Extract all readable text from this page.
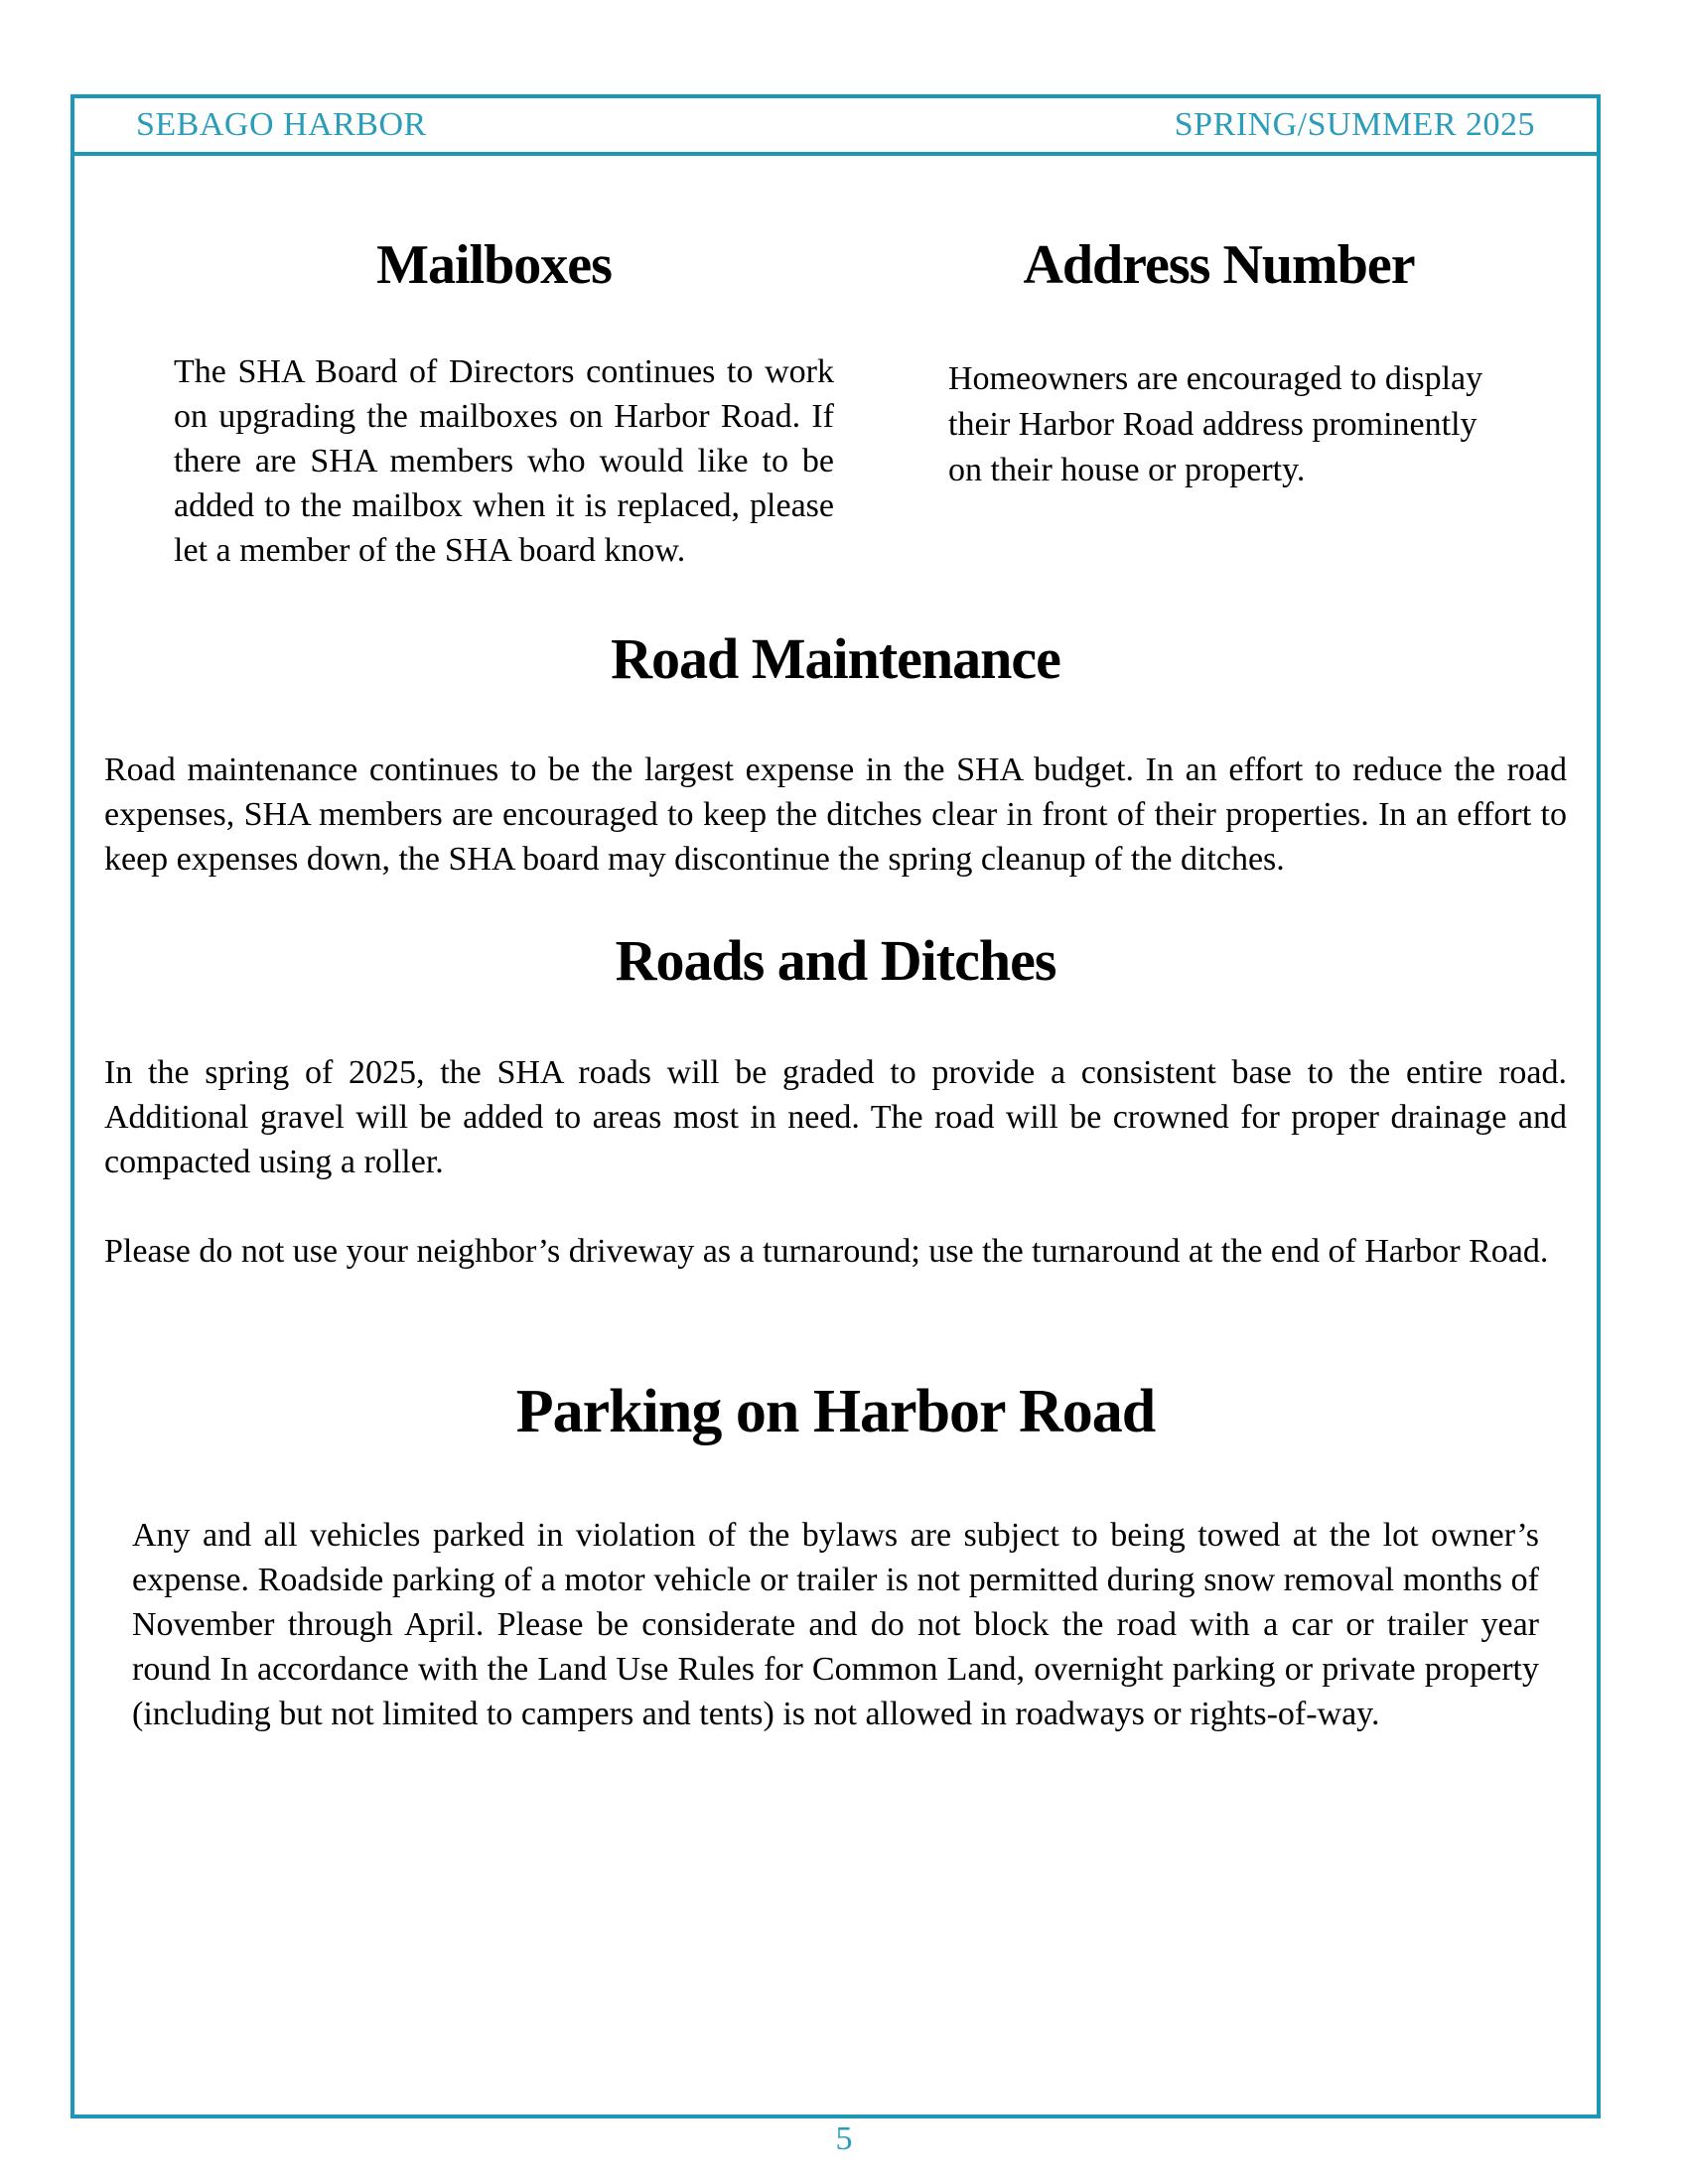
SEBAGO HARBOR	SPRING/SUMMER 2025
Mailboxes

The SHA Board of Directors continues to work on upgrading the mailboxes on Harbor Road. If there are SHA members who would like to be added to the mailbox when it is replaced, please let a member of the SHA board know.

Address Number

Homeowners are encouraged to display their Harbor Road address prominently on their house or property.

Road Maintenance

Road maintenance continues to be the largest expense in the SHA budget. In an effort to reduce the road expenses, SHA members are encouraged to keep the ditches clear in front of their properties. In an effort to keep expenses down, the SHA board may discontinue the spring cleanup of the ditches.

Roads and Ditches

In the spring of 2025, the SHA roads will be graded to provide a consistent base to the entire road. Additional gravel will be added to areas most in need. The road will be crowned for proper drainage and compacted using a roller.

Please do not use your neighbor’s driveway as a turnaround; use the turnaround at the end of Harbor Road.

Parking on Harbor Road

Any and all vehicles parked in violation of the bylaws are subject to being towed at the lot owner’s expense. Roadside parking of a motor vehicle or trailer is not permitted during snow removal months of November through April. Please be considerate and do not block the road with a car or trailer year round In accordance with the Land Use Rules for Common Land, overnight parking or private property (including but not limited to campers and tents) is not allowed in roadways or rights-of-way.

5
